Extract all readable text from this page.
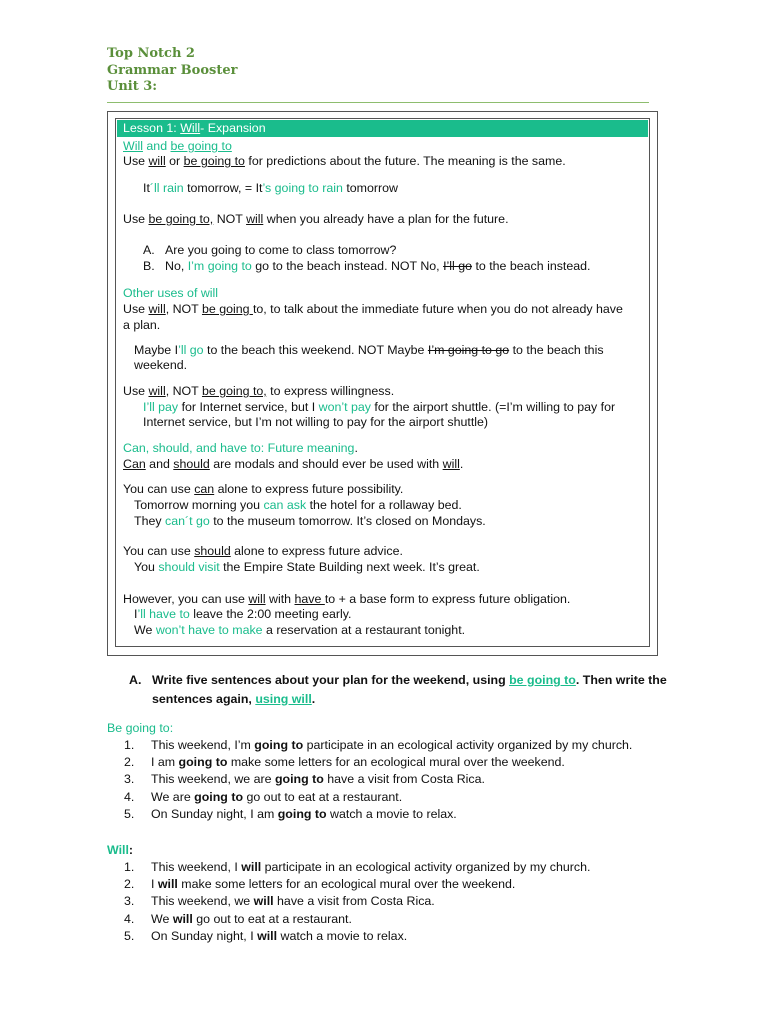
Top Notch 2
Grammar Booster
Unit 3:
Lesson 1: Will- Expansion
Will and be going to
Use will or be going to for predictions about the future. The meaning is the same.
It´ll rain tomorrow, = It’s going to rain tomorrow
Use be going to, NOT will when you already have a plan for the future.
A. Are you going to come to class tomorrow?
B. No, I’m going to go to the beach instead. NOT No, I’ll go to the beach instead.
Other uses of will
Use will, NOT be going to, to talk about the immediate future when you do not already have
a plan.
Maybe I’ll go to the beach this weekend. NOT Maybe I’m going to go to the beach this
weekend.
Use will, NOT be going to, to express willingness.
I’ll pay for Internet service, but I won’t pay for the airport shuttle. (=I’m willing to pay for
Internet service, but I’m not willing to pay for the airport shuttle)
Can, should, and have to: Future meaning.
Can and should are modals and should ever be used with will.
You can use can alone to express future possibility.
Tomorrow morning you can ask the hotel for a rollaway bed.
They can´t go to the museum tomorrow. It’s closed on Mondays.
You can use should alone to express future advice.
You should visit the Empire State Building next week. It’s great.
However, you can use will with have to + a base form to express future obligation.
I’ll have to leave the 2:00 meeting early.
We won’t have to make a reservation at a restaurant tonight.
A. Write five sentences about your plan for the weekend, using be going to. Then write the
sentences again, using will.
Be going to:
1. This weekend, I’m going to participate in an ecological activity organized by my church.
2. I am going to make some letters for an ecological mural over the weekend.
3. This weekend, we are going to have a visit from Costa Rica.
4. We are going to go out to eat at a restaurant.
5. On Sunday night, I am going to watch a movie to relax.
Will:
1. This weekend, I will participate in an ecological activity organized by my church.
2. I will make some letters for an ecological mural over the weekend.
3. This weekend, we will have a visit from Costa Rica.
4. We will go out to eat at a restaurant.
5. On Sunday night, I will watch a movie to relax.
